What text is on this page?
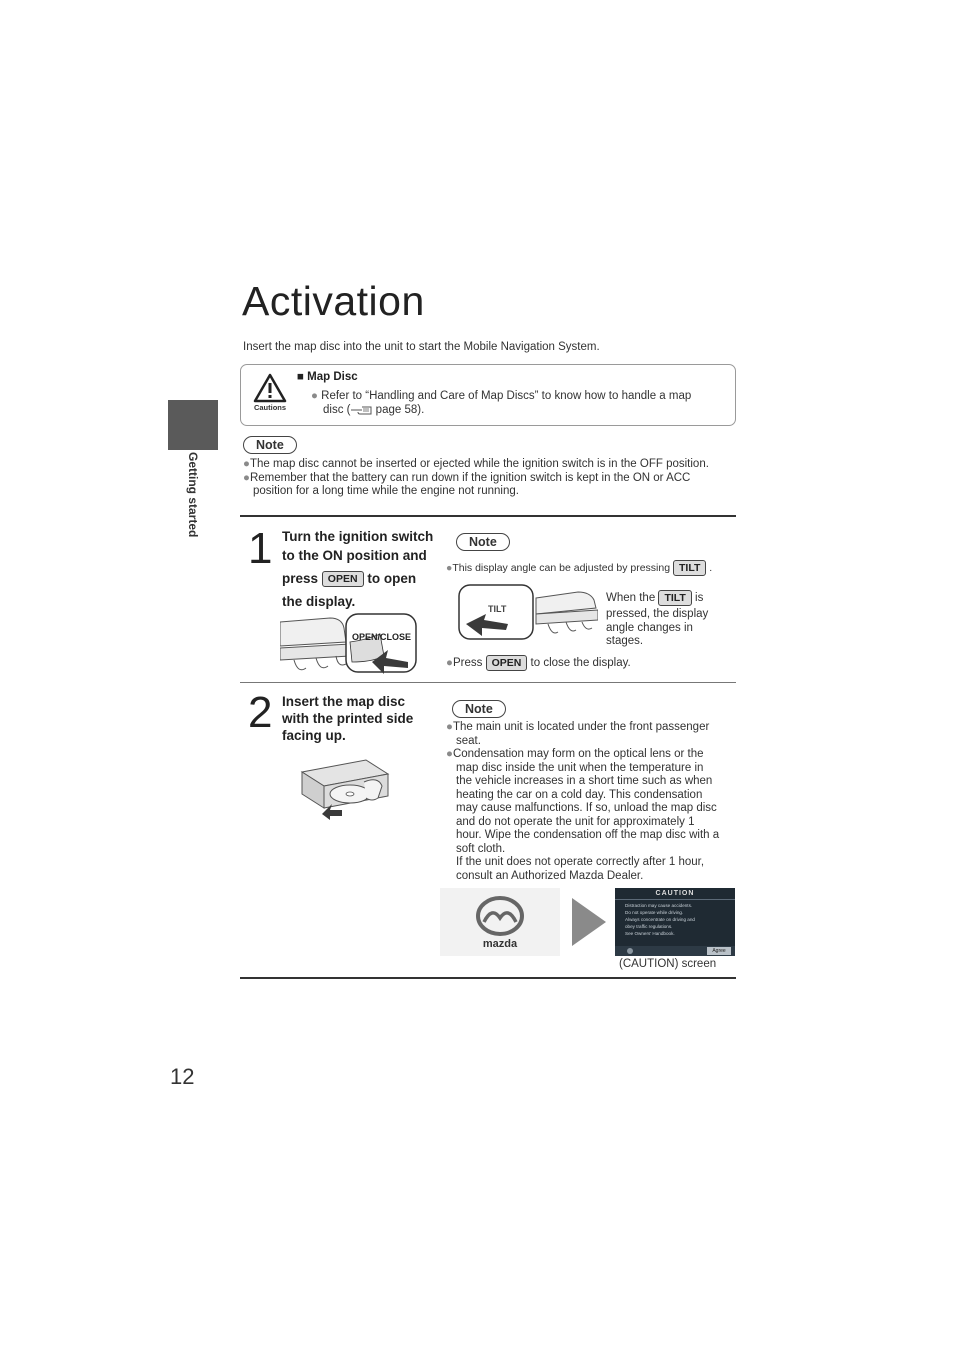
Getting started
12
Activation
Insert the map disc into the unit to start the Mobile Navigation System.
Cautions
■ Map Disc
● Refer to “Handling and Care of Map Discs” to know how to handle a map
disc ( page 58).
Note
●The map disc cannot be inserted or ejected while the ignition switch is in the OFF position.
●Remember that the battery can run down if the ignition switch is kept in the ON or ACC
position for a long time while the engine not running.
1 Turn the ignition switch
to the ON position and
press OPEN to open
the display.
OPEN/CLOSE
Note
●This display angle can be adjusted by pressing TILT .
TILT
When the TILT is
pressed, the display
angle changes in
stages.
●Press OPEN to close the display.
2 Insert the map disc
with the printed side
facing up.
Note
●The main unit is located under the front passenger
seat.
●Condensation may form on the optical lens or the
map disc inside the unit when the temperature in
the vehicle increases in a short time such as when
heating the car on a cold day. This condensation
may cause malfunctions. If so, unload the map disc
and do not operate the unit for approximately 1
hour. Wipe the condensation off the map disc with a
soft cloth.
If the unit does not operate correctly after 1 hour,
consult an Authorized Mazda Dealer.
mazda
CAUTION
Distraction may cause accidents.
Do not operate while driving.
Always concentrate on driving and
obey traffic regulations.
See Owners' Handbook.
Agree
(CAUTION) screen
